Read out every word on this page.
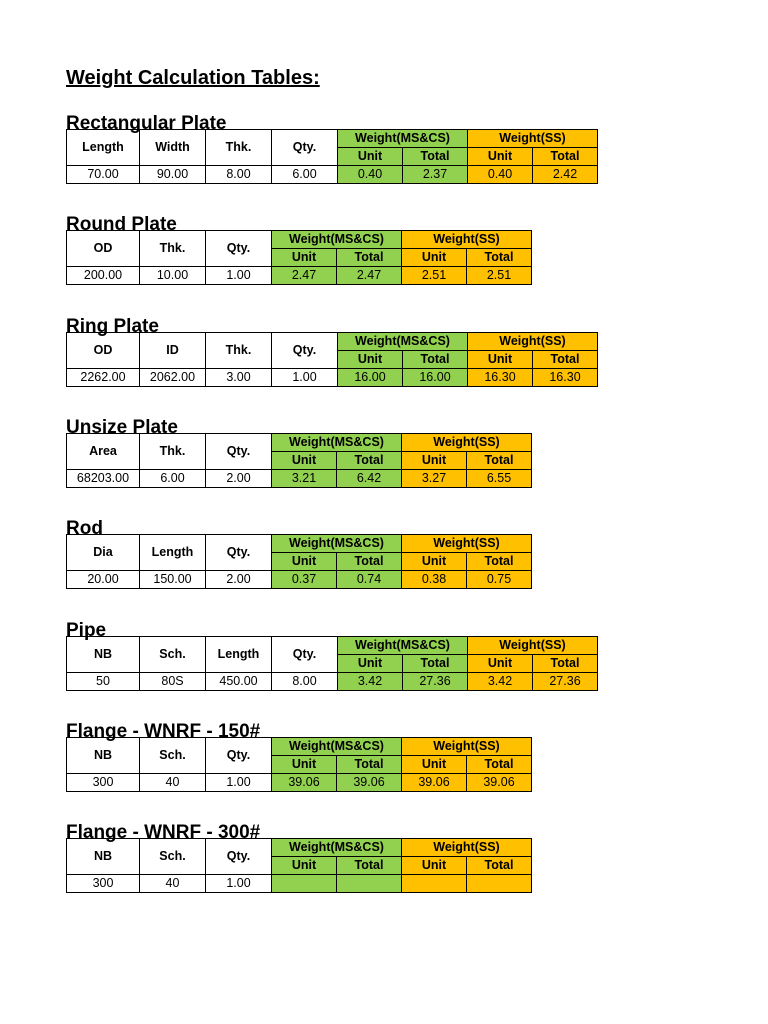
Weight Calculation Tables:
Rectangular Plate
Length	Width	Thk.	Qty.	Weight(MS&CS)		Weight(SS)	
				Unit	Total	Unit	Total
70.00	90.00	8.00	6.00	0.40	2.37	0.40	2.42
Round Plate
OD	Thk.	Qty.	Weight(MS&CS)		Weight(SS)	
			Unit	Total	Unit	Total
200.00	10.00	1.00	2.47	2.47	2.51	2.51
Ring Plate
OD	ID	Thk.	Qty.	Weight(MS&CS)		Weight(SS)	
				Unit	Total	Unit	Total
2262.00	2062.00	3.00	1.00	16.00	16.00	16.30	16.30
Unsize Plate
Area	Thk.	Qty.	Weight(MS&CS)		Weight(SS)	
			Unit	Total	Unit	Total
68203.00	6.00	2.00	3.21	6.42	3.27	6.55
Rod
Dia	Length	Qty.	Weight(MS&CS)		Weight(SS)	
			Unit	Total	Unit	Total
20.00	150.00	2.00	0.37	0.74	0.38	0.75
Pipe
NB	Sch.	Length	Qty.	Weight(MS&CS)		Weight(SS)	
				Unit	Total	Unit	Total
50	80S	450.00	8.00	3.42	27.36	3.42	27.36
Flange - WNRF - 150#
NB	Sch.	Qty.	Weight(MS&CS)		Weight(SS)	
			Unit	Total	Unit	Total
300	40	1.00	39.06	39.06	39.06	39.06
Flange - WNRF - 300#
NB	Sch.	Qty.	Weight(MS&CS)		Weight(SS)	
			Unit	Total	Unit	Total
300	40	1.00				
